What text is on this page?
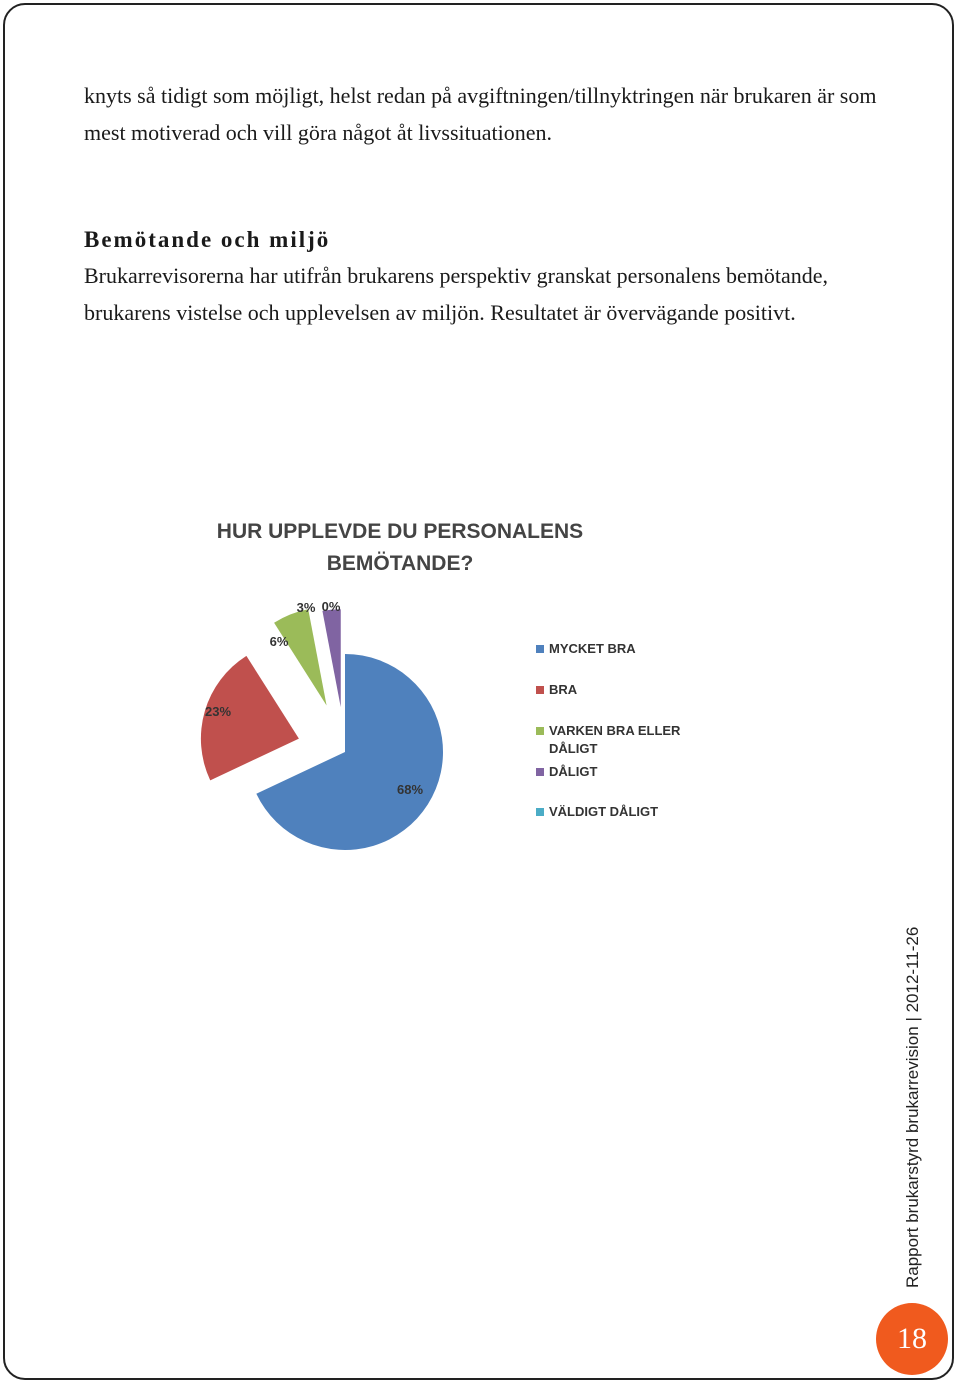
knyts så tidigt som möjligt, helst redan på avgiftningen/tillnyktringen när brukaren är som mest motiverad och vill göra något åt livssituationen.

Bemötande och miljö

Brukarrevisorerna har utifrån brukarens perspektiv granskat personalens bemötande, brukarens vistelse och upplevelsen av miljön. Resultatet är övervägande positivt.

HUR UPPLEVDE DU PERSONALENS
BEMÖTANDE?
68%
23%
6%
3% 0%
MYCKET BRA
BRA
VARKEN BRA ELLER DÅLIGT
DÅLIGT
VÄLDIGT DÅLIGT
Rapport brukarstyrd brukarrevision | 2012-11-26
18
